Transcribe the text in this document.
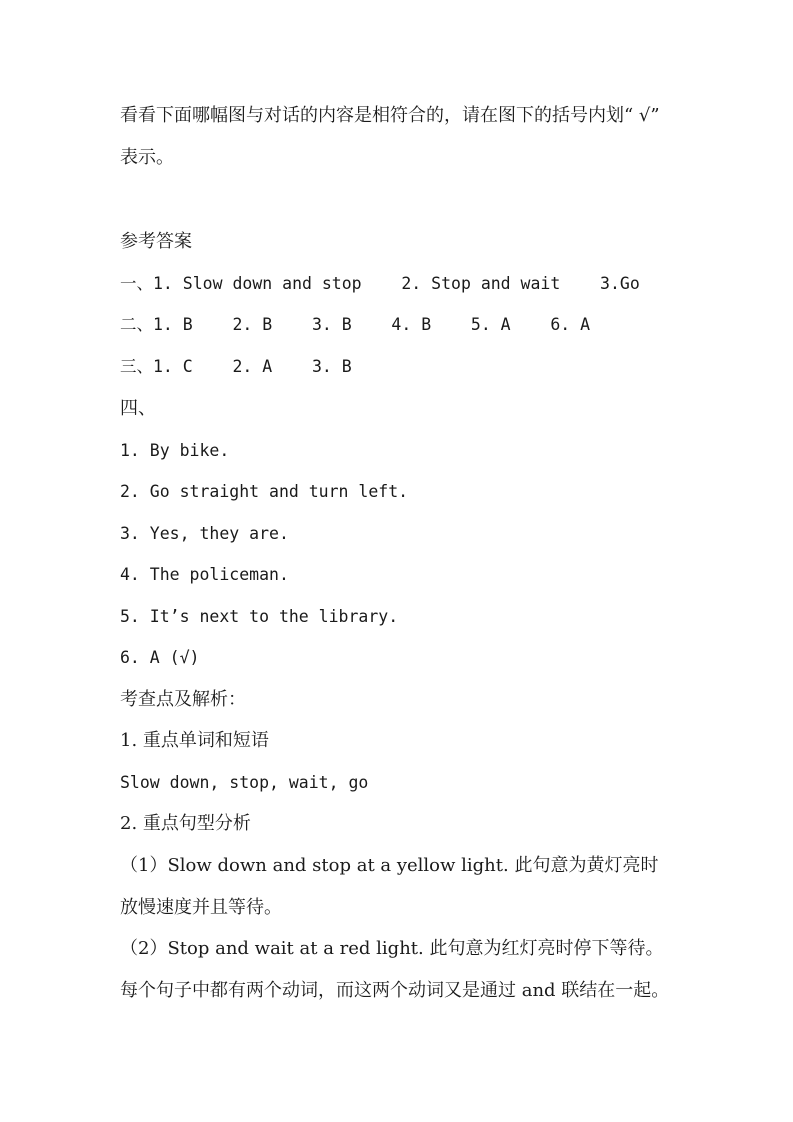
看看下面哪幅图与对话的内容是相符合的，请在图下的括号内划“ √”
表示。
参考答案
一、1. Slow down and stop    2. Stop and wait    3.Go
二、1. B    2. B    3. B    4. B    5. A    6. A
三、1. C    2. A    3. B
四、
1. By bike.
2. Go straight and turn left.
3. Yes, they are.
4. The policeman.
5. It’s next to the library.
6. A (√)
考查点及解析：
1. 重点单词和短语
Slow down, stop, wait, go
2. 重点句型分析
（1）Slow down and stop at a yellow light. 此句意为黄灯亮时
放慢速度并且等待。
（2）Stop and wait at a red light. 此句意为红灯亮时停下等待。
每个句子中都有两个动词，而这两个动词又是通过 and 联结在一起。
